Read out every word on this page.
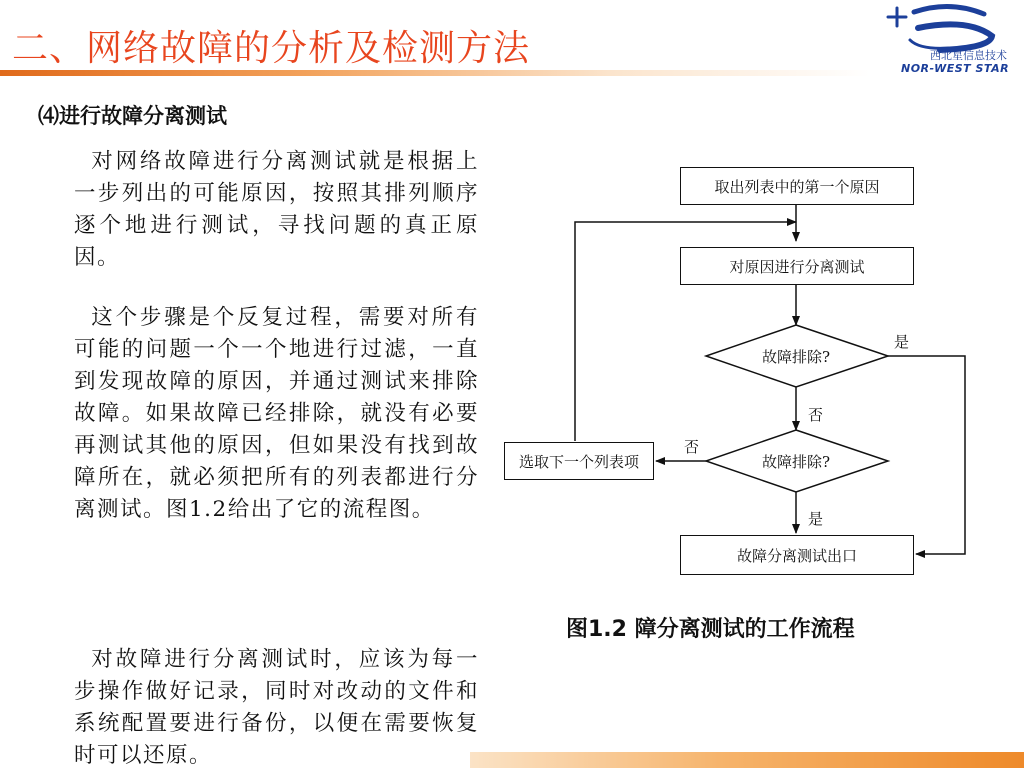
二、网络故障的分析及检测方法	西北星信息技术
NOR-WEST STAR
⑷进行故障分离测试
对网络故障进行分离测试就是根据上一步列出的可能原因，按照其排列顺序逐个地进行测试，寻找问题的真正原因。
这个步骤是个反复过程，需要对所有可能的问题一个一个地进行过滤，一直到发现故障的原因，并通过测试来排除故障。如果故障已经排除，就没有必要再测试其他的原因，但如果没有找到故障所在，就必须把所有的列表都进行分离测试。图1.2给出了它的流程图。
对故障进行分离测试时，应该为每一步操作做好记录，同时对改动的文件和系统配置要进行备份，以便在需要恢复时可以还原。
取出列表中的第一个原因
对原因进行分离测试
故障排除?
故障排除?
选取下一个列表项
故障分离测试出口
是
否
否
是
图1.2 障分离测试的工作流程
